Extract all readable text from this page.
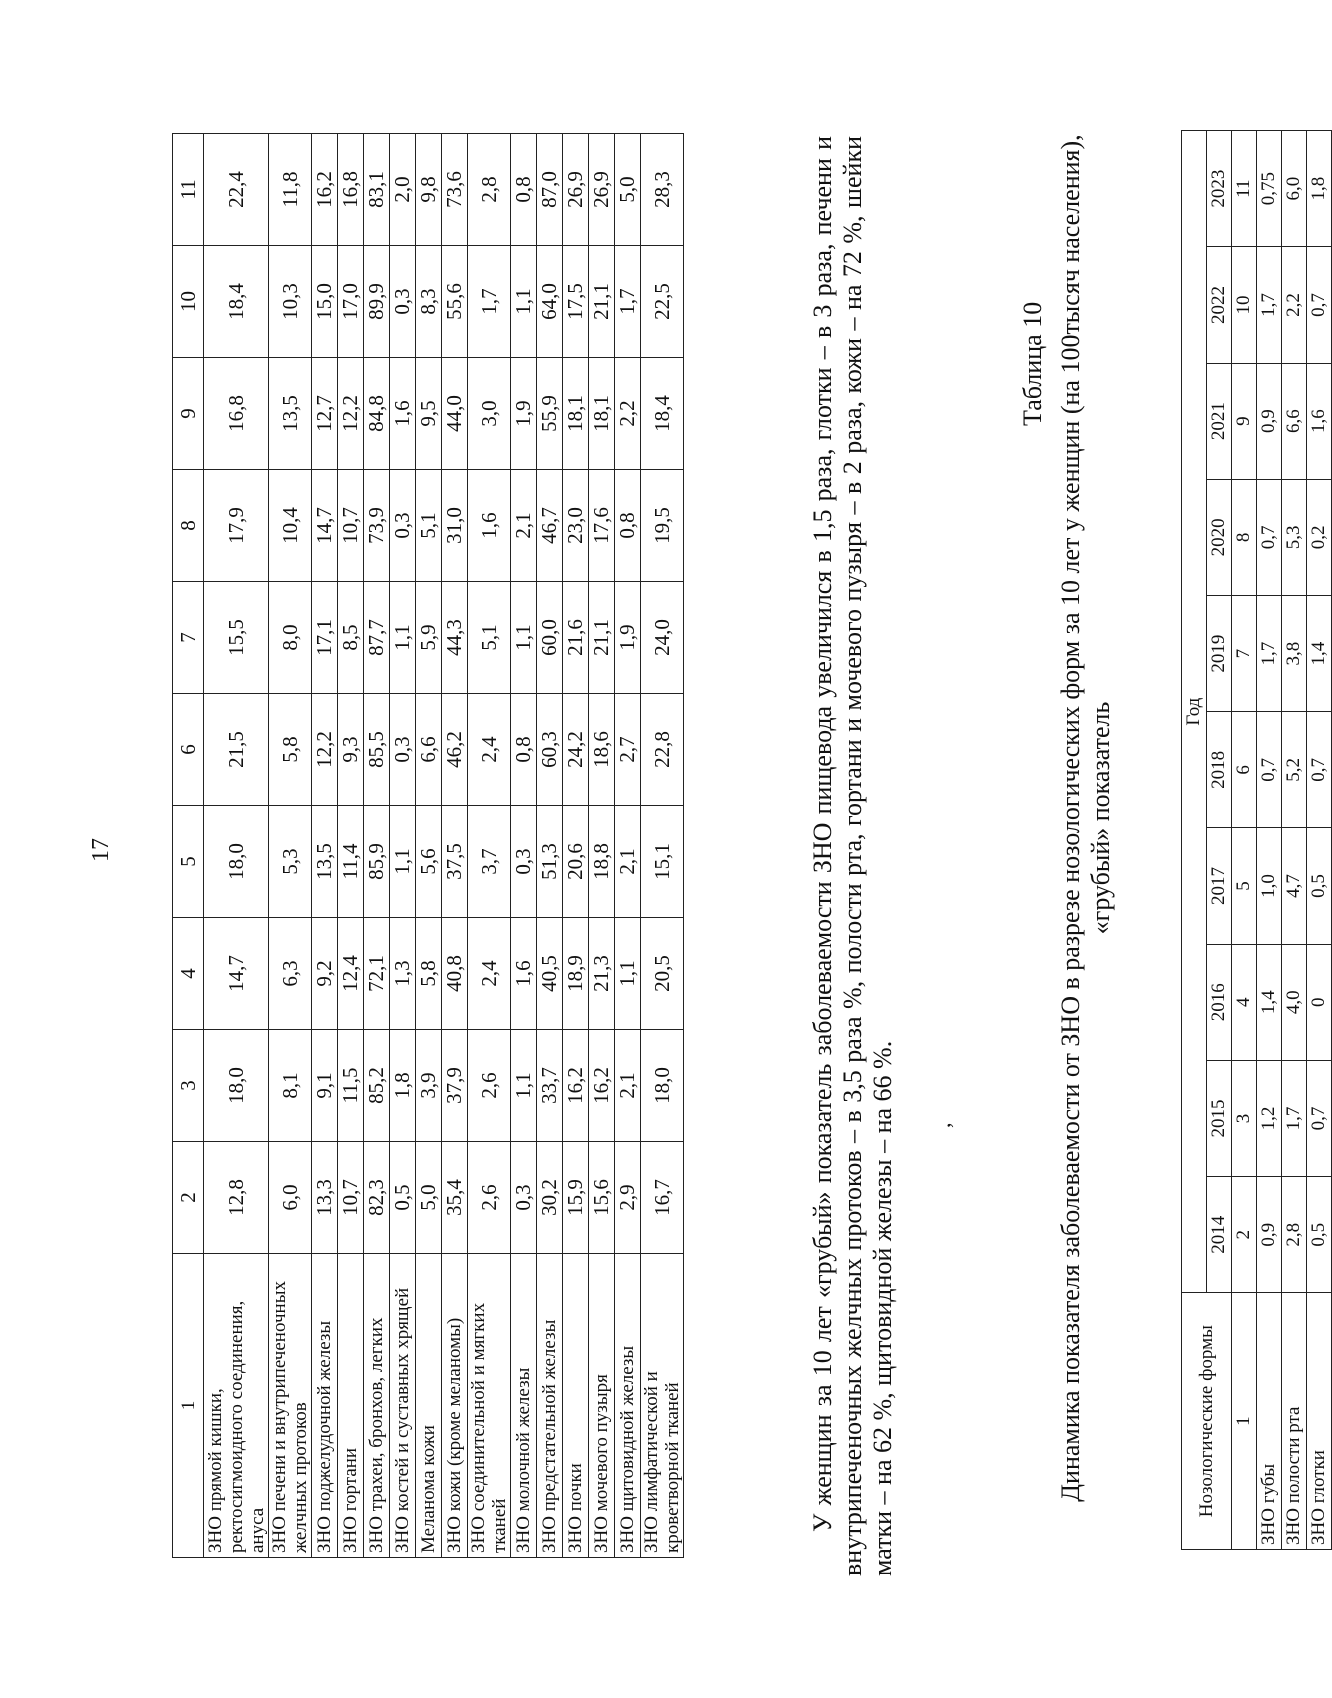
17
1	2	3	4	5	6	7	8	9	10	11
ЗНО прямой кишки, ректосигмоидного соединения, ануса	12,8	18,0	14,7	18,0	21,5	15,5	17,9	16,8	18,4	22,4
ЗНО печени и внутрипеченочных желчных протоков	6,0	8,1	6,3	5,3	5,8	8,0	10,4	13,5	10,3	11,8
ЗНО поджелудочной железы	13,3	9,1	9,2	13,5	12,2	17,1	14,7	12,7	15,0	16,2
ЗНО гортани	10,7	11,5	12,4	11,4	9,3	8,5	10,7	12,2	17,0	16,8
ЗНО трахеи, бронхов, легких	82,3	85,2	72,1	85,9	85,5	87,7	73,9	84,8	89,9	83,1
ЗНО костей и суставных хрящей	0,5	1,8	1,3	1,1	0,3	1,1	0,3	1,6	0,3	2,0
Меланома кожи	5,0	3,9	5,8	5,6	6,6	5,9	5,1	9,5	8,3	9,8
ЗНО кожи (кроме меланомы)	35,4	37,9	40,8	37,5	46,2	44,3	31,0	44,0	55,6	73,6
ЗНО соединительной и мягких тканей	2,6	2,6	2,4	3,7	2,4	5,1	1,6	3,0	1,7	2,8
ЗНО молочной железы	0,3	1,1	1,6	0,3	0,8	1,1	2,1	1,9	1,1	0,8
ЗНО предстательной железы	30,2	33,7	40,5	51,3	60,3	60,0	46,7	55,9	64,0	87,0
ЗНО почки	15,9	16,2	18,9	20,6	24,2	21,6	23,0	18,1	17,5	26,9
ЗНО мочевого пузыря	15,6	16,2	21,3	18,8	18,6	21,1	17,6	18,1	21,1	26,9
ЗНО щитовидной железы	2,9	2,1	1,1	2,1	2,7	1,9	0,8	2,2	1,7	5,0
ЗНО лимфатической и кроветворной тканей	16,7	18,0	20,5	15,1	22,8	24,0	19,5	18,4	22,5	28,3	У женщин за 10 лет «грубый» показатель заболеваемости ЗНО пищевода увеличился в 1,5 раза, глотки – в 3 раза, печени и внутрипеченочных желчных протоков – в 3,5 раза %, полости рта, гортани и мочевого пузыря – в 2 раза, кожи – на 72 %, шейки матки – на 62 %, щитовидной железы – на 66 %. ,
Таблица 10 Динамика показателя заболеваемости от ЗНО в разрезе нозологических форм за 10 лет у женщин (на 100тысяч населения), «грубый» показатель
Нозологические формы	Год									
	2014	2015	2016	2017	2018	2019	2020	2021	2022	2023
1	2	3	4	5	6	7	8	9	10	11
ЗНО губы	0,9	1,2	1,4	1,0	0,7	1,7	0,7	0,9	1,7	0,75
ЗНО полости рта	2,8	1,7	4,0	4,7	5,2	3,8	5,3	6,6	2,2	6,0
ЗНО глотки	0,5	0,7	0	0,5	0,7	1,4	0,2	1,6	0,7	1,8
